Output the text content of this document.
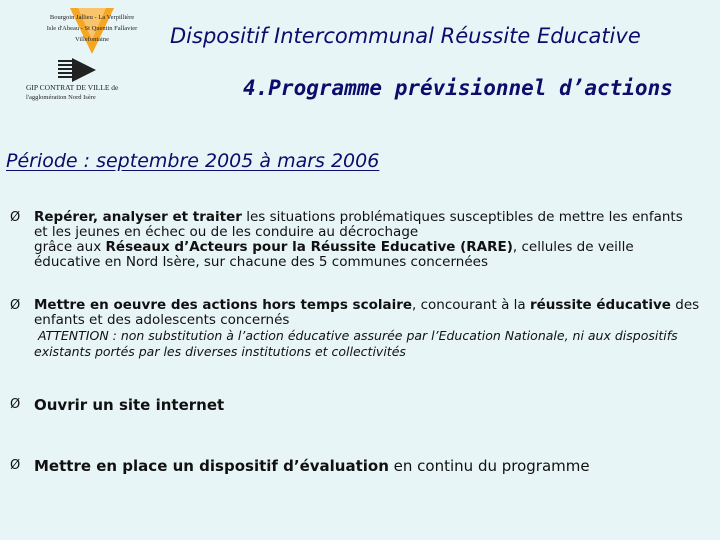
Bourgoin Jallieu - La Verpillière
Isle d'Abeau - St Quentin Fallavier
Villefontaine
GIP CONTRAT DE VILLE de
l'agglomération Nord Isère
Dispositif Intercommunal Réussite Educative
4.Programme prévisionnel d’actions
Période : septembre 2005 à mars 2006
Ø Repérer, analyser et traiter les situations problématiques susceptibles de mettre les enfants et les jeunes en échec ou de les conduire au décrochage
grâce aux Réseaux d’Acteurs pour la Réussite Educative (RARE), cellules de veille éducative en Nord Isère, sur chacune des 5 communes concernées
Ø Mettre en oeuvre des actions hors temps scolaire, concourant à la réussite éducative des enfants et des adolescents concernés
ATTENTION : non substitution à l’action éducative assurée par l’Education Nationale, ni aux dispositifs existants portés par les diverses institutions et collectivités
Ø Ouvrir un site internet
Ø Mettre en place un dispositif d’évaluation en continu du programme
